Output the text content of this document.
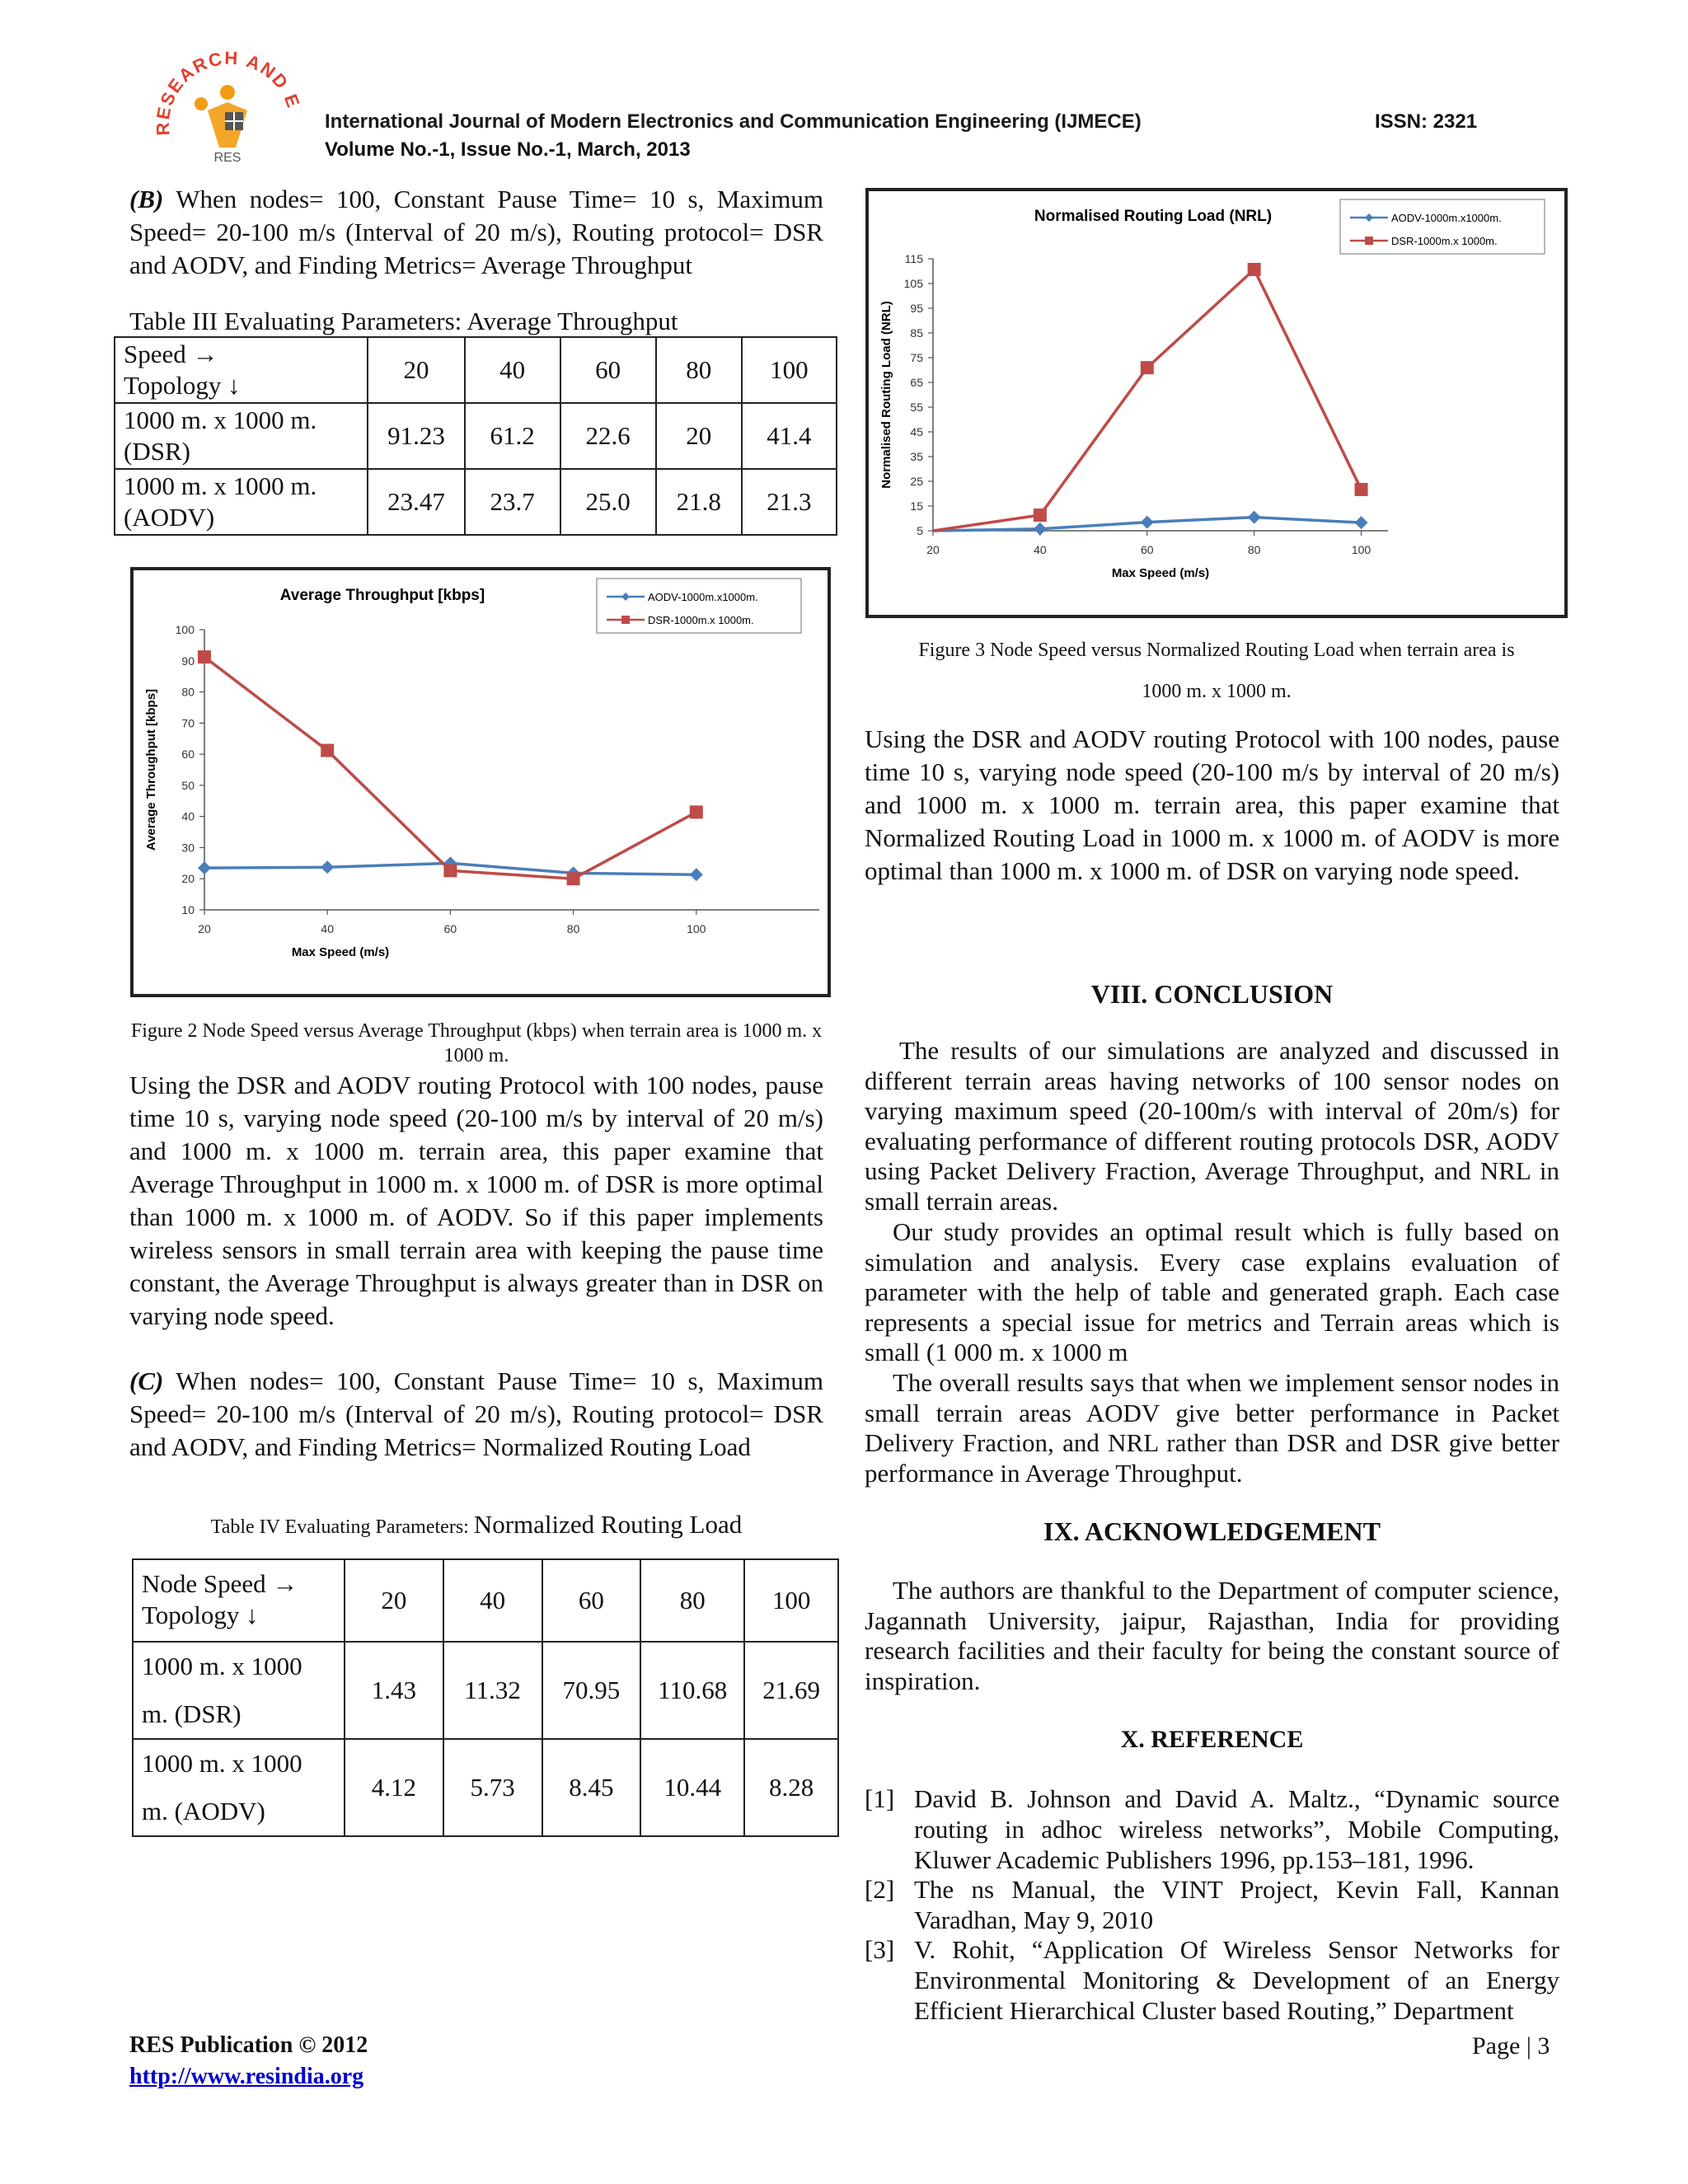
RESEARCH AND E
RES
International Journal of Modern Electronics and Communication Engineering (IJMECE)	ISSN: 2321
Volume No.-1, Issue No.-1, March, 2013
(B) When nodes= 100, Constant Pause Time= 10 s, Maximum Speed= 20-100 m/s (Interval of 20 m/s), Routing protocol= DSR and AODV, and Finding Metrics= Average Throughput
Table III Evaluating Parameters: Average Throughput
Speed →
Topology ↓	20	40	60	80	100
1000 m. x 1000 m.
(DSR)	91.23	61.2	22.6	20	41.4
1000 m. x 1000 m.
(AODV)	23.47	23.7	25.0	21.8	21.3
Average Throughput [kbps]
10
20
30
40
50
60
70
80
90
100
20	40	60	80	100
Max Speed (m/s)
Average Throughput [kbps]
AODV-1000m.x1000m.
DSR-1000m.x 1000m.
Figure 2 Node Speed versus Average Throughput (kbps) when terrain area is 1000 m. x 1000 m.
Using the DSR and AODV routing Protocol with 100 nodes, pause time 10 s, varying node speed (20-100 m/s by interval of 20 m/s) and 1000 m. x 1000 m. terrain area, this paper examine that Average Throughput in 1000 m. x 1000 m. of DSR is more optimal than 1000 m. x 1000 m. of AODV. So if this paper implements wireless sensors in small terrain area with keeping the pause time constant, the Average Throughput is always greater than in DSR on varying node speed.
(C) When nodes= 100, Constant Pause Time= 10 s, Maximum Speed= 20-100 m/s (Interval of 20 m/s), Routing protocol= DSR and AODV, and Finding Metrics= Normalized Routing Load
Table IV Evaluating Parameters: Normalized Routing Load
Node Speed →
Topology ↓	20	40	60	80	100
1000 m. x 1000
m. (DSR)	1.43	11.32	70.95	110.68	21.69
1000 m. x 1000
m. (AODV)	4.12	5.73	8.45	10.44	8.28
Normalised Routing Load (NRL)
5
15
25
35
45
55
65
75
85
95
105
115
20	40	60	80	100
Max Speed (m/s)
Normalised Routing Load (NRL)
AODV-1000m.x1000m.
DSR-1000m.x 1000m.
Figure 3 Node Speed versus Normalized Routing Load when terrain area is
1000 m. x 1000 m.
Using the DSR and AODV routing Protocol with 100 nodes, pause time 10 s, varying node speed (20-100 m/s by interval of 20 m/s) and 1000 m. x 1000 m. terrain area, this paper examine that Normalized Routing Load in 1000 m. x 1000 m. of AODV is more optimal than 1000 m. x 1000 m. of DSR on varying node speed.
VIII. CONCLUSION
The results of our simulations are analyzed and discussed in different terrain areas having networks of 100 sensor nodes on varying maximum speed (20-100m/s with interval of 20m/s) for evaluating performance of different routing protocols DSR, AODV using Packet Delivery Fraction, Average Throughput, and NRL in small terrain areas.
Our study provides an optimal result which is fully based on simulation and analysis. Every case explains evaluation of parameter with the help of table and generated graph. Each case represents a special issue for metrics and Terrain areas which is small (1 000 m. x 1000 m
The overall results says that when we implement sensor nodes in small terrain areas AODV give better performance in Packet Delivery Fraction, and NRL rather than DSR and DSR give better performance in Average Throughput.
IX. ACKNOWLEDGEMENT
The authors are thankful to the Department of computer science, Jagannath University, jaipur, Rajasthan, India for providing research facilities and their faculty for being the constant source of inspiration.
X. REFERENCE
[1] David B. Johnson and David A. Maltz., “Dynamic source routing in adhoc wireless networks”, Mobile Computing, Kluwer Academic Publishers 1996, pp.153–181, 1996.
[2] The ns Manual, the VINT Project, Kevin Fall, Kannan Varadhan, May 9, 2010
[3] V. Rohit, “Application Of Wireless Sensor Networks for Environmental Monitoring & Development of an Energy Efficient Hierarchical Cluster based Routing,” Department
RES Publication © 2012
http://www.resindia.org
Page | 3
